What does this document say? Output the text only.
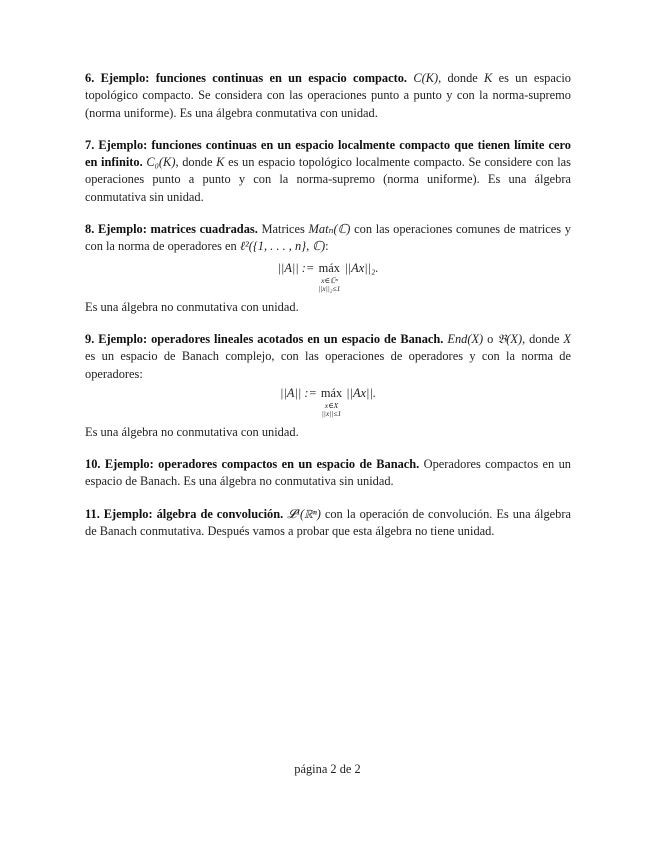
6. Ejemplo: funciones continuas en un espacio compacto. C(K), donde K es un espacio topológico compacto. Se considera con las operaciones punto a punto y con la norma-supremo (norma uniforme). Es una álgebra conmutativa con unidad.

7. Ejemplo: funciones continuas en un espacio localmente compacto que tienen límite cero en infinito. C₀(K), donde K es un espacio topológico localmente compacto. Se considere con las operaciones punto a punto y con la norma-supremo (norma uniforme). Es una álgebra conmutativa sin unidad.

8. Ejemplo: matrices cuadradas. Matrices Matₙ(ℂ) con las operaciones comunes de matrices y con la norma de operadores en ℓ²({1, . . . , n}, ℂ):

||A|| := máx
x∈ℂⁿ
||x||₂≤1
||Ax||₂.

Es una álgebra no conmutativa con unidad.

9. Ejemplo: operadores lineales acotados en un espacio de Banach. End(X) o 𝔅(X), donde X es un espacio de Banach complejo, con las operaciones de operadores y con la norma de operadores:

||A|| := máx
x∈X
||x||≤1
||Ax||.

Es una álgebra no conmutativa con unidad.

10. Ejemplo: operadores compactos en un espacio de Banach. Operadores compactos en un espacio de Banach. Es una álgebra no conmutativa sin unidad.

11. Ejemplo: álgebra de convolución. 𝓛¹(ℝⁿ) con la operación de convolución. Es una álgebra de Banach conmutativa. Después vamos a probar que esta álgebra no tiene unidad.

página 2 de 2
